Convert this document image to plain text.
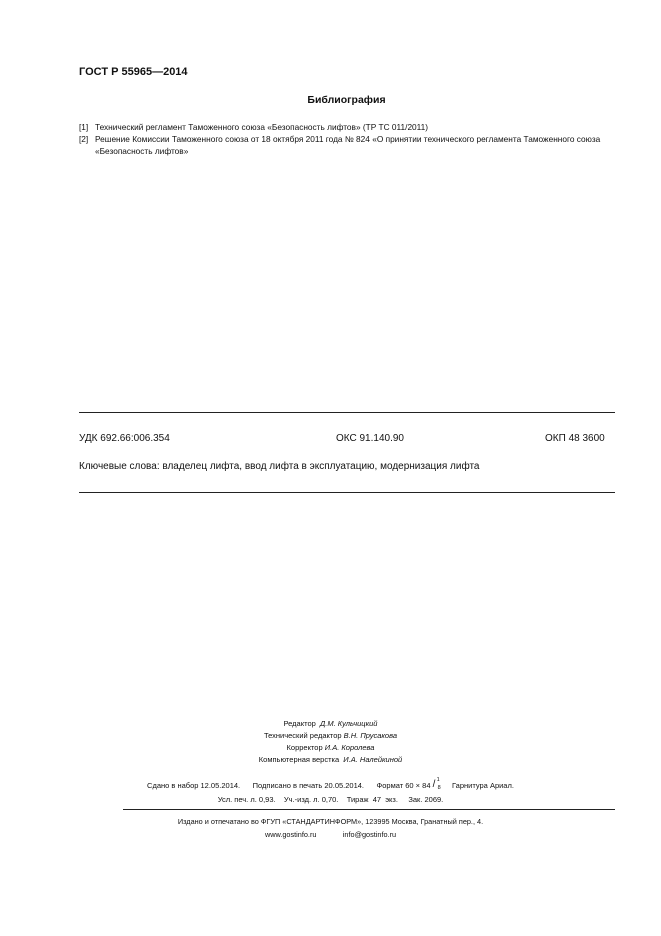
ГОСТ Р 55965—2014
Библиография
[1] Технический регламент Таможенного союза «Безопасность лифтов» (ТР ТС 011/2011)
[2] Решение Комиссии Таможенного союза от 18 октября 2011 года № 824 «О принятии технического регламента Таможенного союза «Безопасность лифтов»
УДК 692.66:006.354	ОКС 91.140.90	ОКП 48 3600
Ключевые слова: владелец лифта, ввод лифта в эксплуатацию, модернизация лифта
Редактор Д.М. Кульчицкий
Технический редактор В.Н. Прусакова
Корректор И.А. Королева
Компьютерная верстка И.А. Налейкиной
Сдано в набор 12.05.2014. Подписано в печать 20.05.2014. Формат 60 × 84
1
/ 8 Гарнитура Ариал.
Усл. печ. л. 0,93.    Уч.-изд. л. 0,70.    Тираж  47  экз.     Зак. 2069.
Издано и отпечатано во ФГУП «СТАНДАРТИНФОРМ», 123995 Москва, Гранатный пер., 4.
www.gostinfo.ru	info@gostinfo.ru
